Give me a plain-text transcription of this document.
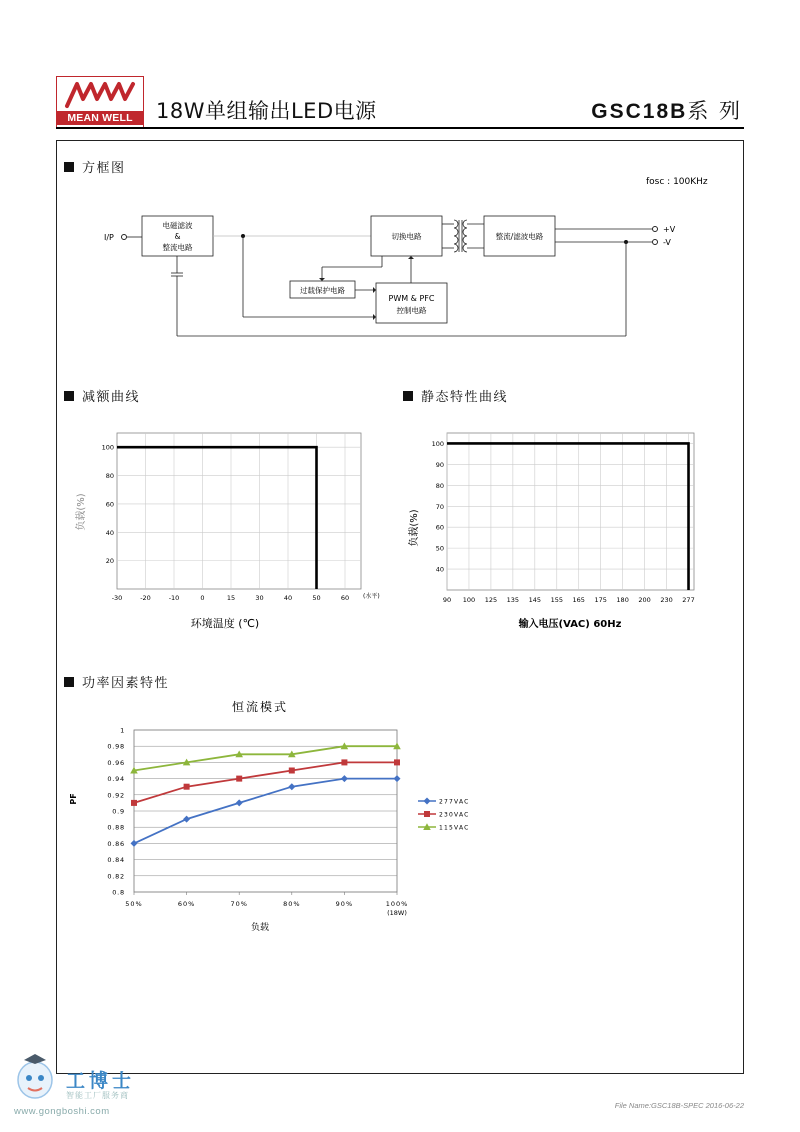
MEAN WELL	18W单组输出LED电源	GSC18B系 列
方框图
fosc : 100KHz
I/P
电磁滤波
&
整流电路
切换电路	整流/滤波电路
+V
-V
过载保护电路
PWM & PFC
控制电路
减额曲线
-30	-20	-10	0	15	30	40	50	60
100
80
60
40
20
(水平)
环境温度 (℃)
负载(%)
静态特性曲线
90 100 125 135 145 155 165 175 180 200 230 277
100
90
80
70
60
50
40
输入电压(VAC) 60Hz
负载(%)
功率因素特性
恒流模式
1
0.98
0.96
0.94
0.92
0.9
0.88
0.86
0.84
0.82
0.8
50%	60%	70%	80%	90%	100%
(18W)
277VAC
230VAC
115VAC
PF
负载
工博士
智能工厂服务商
www.gongboshi.com
File Name:GSC18B-SPEC 2016-06-22
